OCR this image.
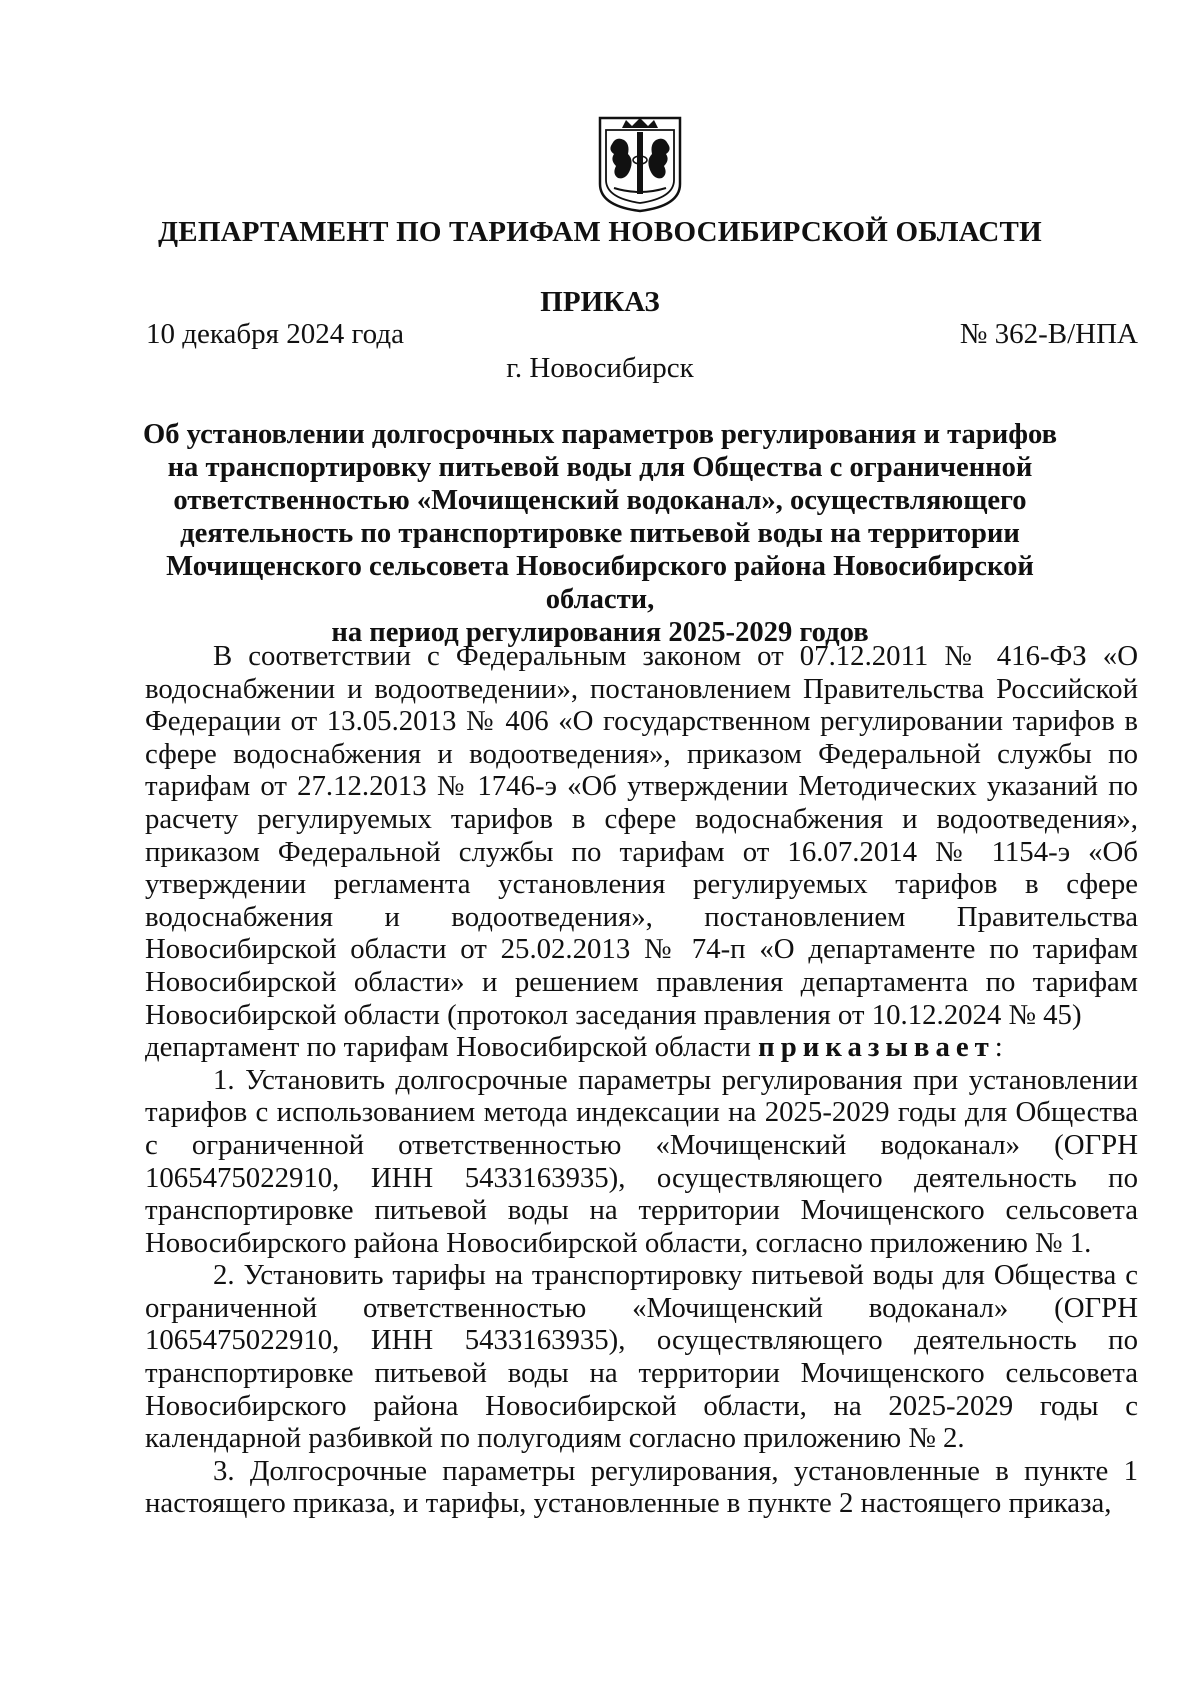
ДЕПАРТАМЕНТ ПО ТАРИФАМ НОВОСИБИРСКОЙ ОБЛАСТИ
ПРИКАЗ
10 декабря 2024 года	№ 362-В/НПА
г. Новосибирск
Об установлении долгосрочных параметров регулирования и тарифов
на транспортировку питьевой воды для Общества с ограниченной
ответственностью «Мочищенский водоканал», осуществляющего
деятельность по транспортировке питьевой воды на территории
Мочищенского сельсовета Новосибирского района Новосибирской области,
на период регулирования 2025-2029 годов

В соответствии с Федеральным законом от 07.12.2011 № 416-ФЗ «О водоснабжении и водоотведении», постановлением Правительства Российской Федерации от 13.05.2013 № 406 «О государственном регулировании тарифов в сфере водоснабжения и водоотведения», приказом Федеральной службы по тарифам от 27.12.2013 № 1746-э «Об утверждении Методических указаний по расчету регулируемых тарифов в сфере водоснабжения и водоотведения», приказом Федеральной службы по тарифам от 16.07.2014 № 1154-э «Об утверждении регламента установления регулируемых тарифов в сфере водоснабжения и водоотведения», постановлением Правительства Новосибирской области от 25.02.2013 № 74-п «О департаменте по тарифам Новосибирской области» и решением правления департамента по тарифам Новосибирской области (протокол заседания правления от 10.12.2024 № 45)

департамент по тарифам Новосибирской области приказывает:

1. Установить долгосрочные параметры регулирования при установлении тарифов с использованием метода индексации на 2025-2029 годы для Общества с ограниченной ответственностью «Мочищенский водоканал» (ОГРН 1065475022910, ИНН 5433163935), осуществляющего деятельность по транспортировке питьевой воды на территории Мочищенского сельсовета Новосибирского района Новосибирской области, согласно приложению № 1.

2. Установить тарифы на транспортировку питьевой воды для Общества с ограниченной ответственностью «Мочищенский водоканал» (ОГРН 1065475022910, ИНН 5433163935), осуществляющего деятельность по транспортировке питьевой воды на территории Мочищенского сельсовета Новосибирского района Новосибирской области, на 2025-2029 годы с календарной разбивкой по полугодиям согласно приложению № 2.

3. Долгосрочные параметры регулирования, установленные в пункте 1 настоящего приказа, и тарифы, установленные в пункте 2 настоящего приказа,
